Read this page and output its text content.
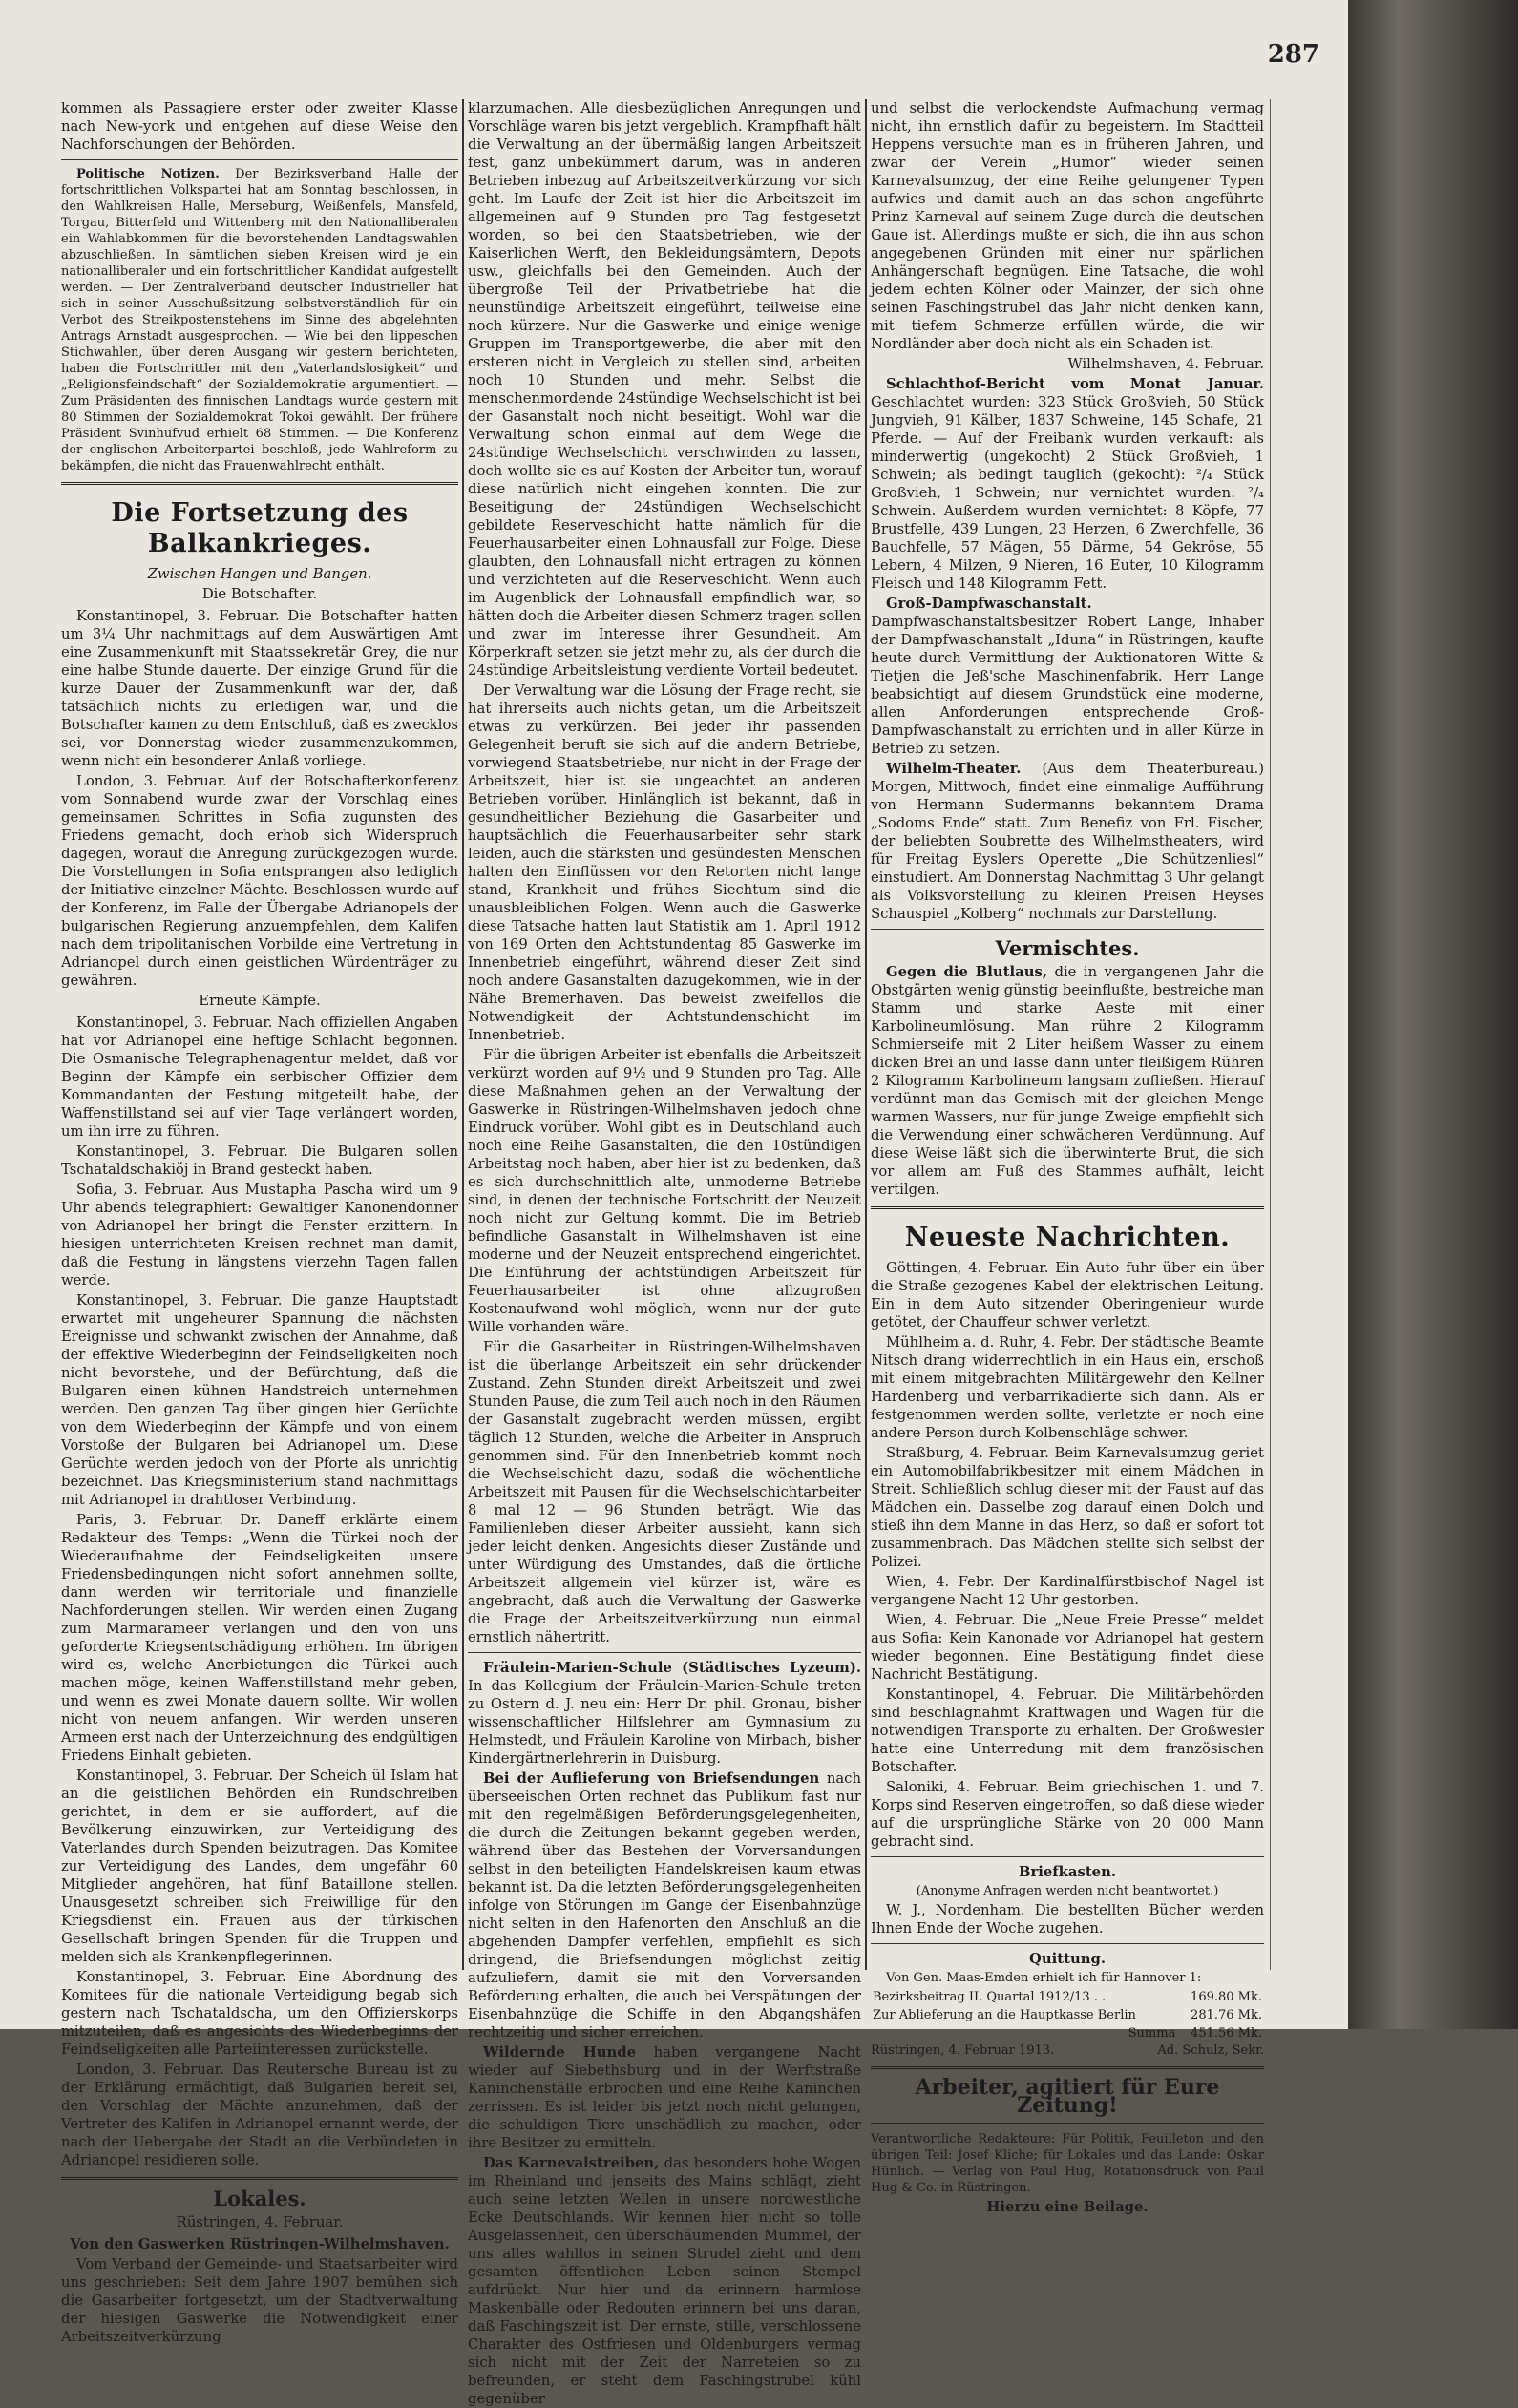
287

kommen als Passagiere erster oder zweiter Klasse nach New-york und entgehen auf diese Weise den Nachforschungen der Behörden.

Politische Notizen. Der Bezirksverband Halle der fortschrittlichen Volkspartei hat am Sonntag beschlossen, in den Wahlkreisen Halle, Merseburg, Weißenfels, Mansfeld, Torgau, Bitterfeld und Wittenberg mit den Nationalliberalen ein Wahlabkommen für die bevorstehenden Landtagswahlen abzuschließen. In sämtlichen sieben Kreisen wird je ein nationalliberaler und ein fortschrittlicher Kandidat aufgestellt werden. — Der Zentralverband deutscher Industrieller hat sich in seiner Ausschußsitzung selbstverständlich für ein Verbot des Streikpostenstehens im Sinne des abgelehnten Antrags Arnstadt ausgesprochen. — Wie bei den lippeschen Stichwahlen, über deren Ausgang wir gestern berichteten, haben die Fortschrittler mit den „Vaterlandslosigkeit“ und „Religionsfeindschaft“ der Sozialdemokratie argumentiert. — Zum Präsidenten des finnischen Landtags wurde gestern mit 80 Stimmen der Sozialdemokrat Tokoi gewählt. Der frühere Präsident Svinhufvud erhielt 68 Stimmen. — Die Konferenz der englischen Arbeiterpartei beschloß, jede Wahlreform zu bekämpfen, die nicht das Frauenwahlrecht enthält.

Die Fortsetzung des Balkankrieges.

Zwischen Hangen und Bangen.

Die Botschafter.

Konstantinopel, 3. Februar. Die Botschafter hatten um 3¼ Uhr nachmittags auf dem Auswärtigen Amt eine Zusammenkunft mit Staatssekretär Grey, die nur eine halbe Stunde dauerte. Der einzige Grund für die kurze Dauer der Zusammenkunft war der, daß tatsächlich nichts zu erledigen war, und die Botschafter kamen zu dem Entschluß, daß es zwecklos sei, vor Donnerstag wieder zusammenzukommen, wenn nicht ein besonderer Anlaß vorliege.

London, 3. Februar. Auf der Botschafterkonferenz vom Sonnabend wurde zwar der Vorschlag eines gemeinsamen Schrittes in Sofia zugunsten des Friedens gemacht, doch erhob sich Widerspruch dagegen, worauf die Anregung zurückgezogen wurde. Die Vorstellungen in Sofia entsprangen also lediglich der Initiative einzelner Mächte. Beschlossen wurde auf der Konferenz, im Falle der Übergabe Adrianopels der bulgarischen Regierung anzuempfehlen, dem Kalifen nach dem tripolitanischen Vorbilde eine Vertretung in Adrianopel durch einen geistlichen Würdenträger zu gewähren.

Erneute Kämpfe.

Konstantinopel, 3. Februar. Nach offiziellen Angaben hat vor Adrianopel eine heftige Schlacht begonnen. Die Osmanische Telegraphenagentur meldet, daß vor Beginn der Kämpfe ein serbischer Offizier dem Kommandanten der Festung mitgeteilt habe, der Waffenstillstand sei auf vier Tage verlängert worden, um ihn irre zu führen.

Konstantinopel, 3. Februar. Die Bulgaren sollen Tschataldschakiöj in Brand gesteckt haben.

Sofia, 3. Februar. Aus Mustapha Pascha wird um 9 Uhr abends telegraphiert: Gewaltiger Kanonendonner von Adrianopel her bringt die Fenster erzittern. In hiesigen unterrichteten Kreisen rechnet man damit, daß die Festung in längstens vierzehn Tagen fallen werde.

Konstantinopel, 3. Februar. Die ganze Hauptstadt erwartet mit ungeheurer Spannung die nächsten Ereignisse und schwankt zwischen der Annahme, daß der effektive Wiederbeginn der Feindseligkeiten noch nicht bevorstehe, und der Befürchtung, daß die Bulgaren einen kühnen Handstreich unternehmen werden. Den ganzen Tag über gingen hier Gerüchte von dem Wiederbeginn der Kämpfe und von einem Vorstoße der Bulgaren bei Adrianopel um. Diese Gerüchte werden jedoch von der Pforte als unrichtig bezeichnet. Das Kriegsministerium stand nachmittags mit Adrianopel in drahtloser Verbindung.

Paris, 3. Februar. Dr. Daneff erklärte einem Redakteur des Temps: „Wenn die Türkei noch der Wiederaufnahme der Feindseligkeiten unsere Friedensbedingungen nicht sofort annehmen sollte, dann werden wir territoriale und finanzielle Nachforderungen stellen. Wir werden einen Zugang zum Marmarameer verlangen und den von uns geforderte Kriegsentschädigung erhöhen. Im übrigen wird es, welche Anerbietungen die Türkei auch machen möge, keinen Waffenstillstand mehr geben, und wenn es zwei Monate dauern sollte. Wir wollen nicht von neuem anfangen. Wir werden unseren Armeen erst nach der Unterzeichnung des endgültigen Friedens Einhalt gebieten.

Konstantinopel, 3. Februar. Der Scheich ül Islam hat an die geistlichen Behörden ein Rundschreiben gerichtet, in dem er sie auffordert, auf die Bevölkerung einzuwirken, zur Verteidigung des Vaterlandes durch Spenden beizutragen. Das Komitee zur Verteidigung des Landes, dem ungefähr 60 Mitglieder angehören, hat fünf Bataillone stellen. Unausgesetzt schreiben sich Freiwillige für den Kriegsdienst ein. Frauen aus der türkischen Gesellschaft bringen Spenden für die Truppen und melden sich als Krankenpflegerinnen.

Konstantinopel, 3. Februar. Eine Abordnung des Komitees für die nationale Verteidigung begab sich gestern nach Tschataldscha, um den Offizierskorps mitzuteilen, daß es angesichts des Wiederbeginns der Feindseligkeiten alle Parteiinteressen zurückstelle.

London, 3. Februar. Das Reutersche Bureau ist zu der Erklärung ermächtigt, daß Bulgarien bereit sei, den Vorschlag der Mächte anzunehmen, daß der Vertreter des Kalifen in Adrianopel ernannt werde, der nach der Uebergabe der Stadt an die Verbündeten in Adrianopel residieren solle.

Lokales.

Rüstringen, 4. Februar.

Von den Gaswerken Rüstringen-Wilhelmshaven.

Vom Verband der Gemeinde- und Staatsarbeiter wird uns geschrieben: Seit dem Jahre 1907 bemühen sich die Gasarbeiter fortgesetzt, um der Stadtverwaltung der hiesigen Gaswerke die Notwendigkeit einer Arbeitszeitverkürzung

klarzumachen. Alle diesbezüglichen Anregungen und Vorschläge waren bis jetzt vergeblich. Krampfhaft hält die Verwaltung an der übermäßig langen Arbeitszeit fest, ganz unbekümmert darum, was in anderen Betrieben inbezug auf Arbeitszeitverkürzung vor sich geht. Im Laufe der Zeit ist hier die Arbeitszeit im allgemeinen auf 9 Stunden pro Tag festgesetzt worden, so bei den Staatsbetrieben, wie der Kaiserlichen Werft, den Bekleidungsämtern, Depots usw., gleichfalls bei den Gemeinden. Auch der übergroße Teil der Privatbetriebe hat die neunstündige Arbeitszeit eingeführt, teilweise eine noch kürzere. Nur die Gaswerke und einige wenige Gruppen im Transportgewerbe, die aber mit den ersteren nicht in Vergleich zu stellen sind, arbeiten noch 10 Stunden und mehr. Selbst die menschenmordende 24stündige Wechselschicht ist bei der Gasanstalt noch nicht beseitigt. Wohl war die Verwaltung schon einmal auf dem Wege die 24stündige Wechselschicht verschwinden zu lassen, doch wollte sie es auf Kosten der Arbeiter tun, worauf diese natürlich nicht eingehen konnten. Die zur Beseitigung der 24stündigen Wechselschicht gebildete Reserveschicht hatte nämlich für die Feuerhausarbeiter einen Lohnausfall zur Folge. Diese glaubten, den Lohnausfall nicht ertragen zu können und verzichteten auf die Reserveschicht. Wenn auch im Augenblick der Lohnausfall empfindlich war, so hätten doch die Arbeiter diesen Schmerz tragen sollen und zwar im Interesse ihrer Gesundheit. Am Körperkraft setzen sie jetzt mehr zu, als der durch die 24stündige Arbeitsleistung verdiente Vorteil bedeutet.

Der Verwaltung war die Lösung der Frage recht, sie hat ihrerseits auch nichts getan, um die Arbeitszeit etwas zu verkürzen. Bei jeder ihr passenden Gelegenheit beruft sie sich auf die andern Betriebe, vorwiegend Staatsbetriebe, nur nicht in der Frage der Arbeitszeit, hier ist sie ungeachtet an anderen Betrieben vorüber. Hinlänglich ist bekannt, daß in gesundheitlicher Beziehung die Gasarbeiter und hauptsächlich die Feuerhausarbeiter sehr stark leiden, auch die stärksten und gesündesten Menschen halten den Einflüssen vor den Retorten nicht lange stand, Krankheit und frühes Siechtum sind die unausbleiblichen Folgen. Wenn auch die Gaswerke diese Tatsache hatten laut Statistik am 1. April 1912 von 169 Orten den Achtstundentag 85 Gaswerke im Innenbetrieb eingeführt, während dieser Zeit sind noch andere Gasanstalten dazugekommen, wie in der Nähe Bremerhaven. Das beweist zweifellos die Notwendigkeit der Achtstundenschicht im Innenbetrieb.

Für die übrigen Arbeiter ist ebenfalls die Arbeitszeit verkürzt worden auf 9½ und 9 Stunden pro Tag. Alle diese Maßnahmen gehen an der Verwaltung der Gaswerke in Rüstringen-Wilhelmshaven jedoch ohne Eindruck vorüber. Wohl gibt es in Deutschland auch noch eine Reihe Gasanstalten, die den 10stündigen Arbeitstag noch haben, aber hier ist zu bedenken, daß es sich durchschnittlich alte, unmoderne Betriebe sind, in denen der technische Fortschritt der Neuzeit noch nicht zur Geltung kommt. Die im Betrieb befindliche Gasanstalt in Wilhelmshaven ist eine moderne und der Neuzeit entsprechend eingerichtet. Die Einführung der achtstündigen Arbeitszeit für Feuerhausarbeiter ist ohne allzugroßen Kostenaufwand wohl möglich, wenn nur der gute Wille vorhanden wäre.

Für die Gasarbeiter in Rüstringen-Wilhelmshaven ist die überlange Arbeitszeit ein sehr drückender Zustand. Zehn Stunden direkt Arbeitszeit und zwei Stunden Pause, die zum Teil auch noch in den Räumen der Gasanstalt zugebracht werden müssen, ergibt täglich 12 Stunden, welche die Arbeiter in Anspruch genommen sind. Für den Innenbetrieb kommt noch die Wechselschicht dazu, sodaß die wöchentliche Arbeitszeit mit Pausen für die Wechselschichtarbeiter 8 mal 12 — 96 Stunden beträgt. Wie das Familienleben dieser Arbeiter aussieht, kann sich jeder leicht denken. Angesichts dieser Zustände und unter Würdigung des Umstandes, daß die örtliche Arbeitszeit allgemein viel kürzer ist, wäre es angebracht, daß auch die Verwaltung der Gaswerke die Frage der Arbeitszeitverkürzung nun einmal ernstlich nähertritt.

Fräulein-Marien-Schule (Städtisches Lyzeum). In das Kollegium der Fräulein-Marien-Schule treten zu Ostern d. J. neu ein: Herr Dr. phil. Gronau, bisher wissenschaftlicher Hilfslehrer am Gymnasium zu Helmstedt, und Fräulein Karoline von Mirbach, bisher Kindergärtnerlehrerin in Duisburg.

Bei der Auflieferung von Briefsendungen nach überseeischen Orten rechnet das Publikum fast nur mit den regelmäßigen Beförderungsgelegenheiten, die durch die Zeitungen bekannt gegeben werden, während über das Bestehen der Vorversandungen selbst in den beteiligten Handelskreisen kaum etwas bekannt ist. Da die letzten Beförderungsgelegenheiten infolge von Störungen im Gange der Eisenbahnzüge nicht selten in den Hafenorten den Anschluß an die abgehenden Dampfer verfehlen, empfiehlt es sich dringend, die Briefsendungen möglichst zeitig aufzuliefern, damit sie mit den Vorversanden Beförderung erhalten, die auch bei Verspätungen der Eisenbahnzüge die Schiffe in den Abgangshäfen rechtzeitig und sicher erreichen.

Wildernde Hunde haben vergangene Nacht wieder auf Siebethsburg und in der Werftstraße Kaninchenställe erbrochen und eine Reihe Kaninchen zerrissen. Es ist leider bis jetzt noch nicht gelungen, die schuldigen Tiere unschädlich zu machen, oder ihre Besitzer zu ermitteln.

Das Karnevalstreiben, das besonders hohe Wogen im Rheinland und jenseits des Mains schlägt, zieht auch seine letzten Wellen in unsere nordwestliche Ecke Deutschlands. Wir kennen hier nicht so tolle Ausgelassenheit, den überschäumenden Mummel, der uns alles wahllos in seinen Strudel zieht und dem gesamten öffentlichen Leben seinen Stempel aufdrückt. Nur hier und da erinnern harmlose Maskenbälle oder Redouten erinnern bei uns daran, daß Faschingszeit ist. Der ernste, stille, verschlossene Charakter des Ostfriesen und Oldenburgers vermag sich nicht mit der Zeit der Narreteien so zu befreunden, er steht dem Faschingstrubel kühl gegenüber

und selbst die verlockendste Aufmachung vermag nicht, ihn ernstlich dafür zu begeistern. Im Stadtteil Heppens versuchte man es in früheren Jahren, und zwar der Verein „Humor“ wieder seinen Karnevalsumzug, der eine Reihe gelungener Typen aufwies und damit auch an das schon angeführte Prinz Karneval auf seinem Zuge durch die deutschen Gaue ist. Allerdings mußte er sich, die ihn aus schon angegebenen Gründen mit einer nur spärlichen Anhängerschaft begnügen. Eine Tatsache, die wohl jedem echten Kölner oder Mainzer, der sich ohne seinen Faschingstrubel das Jahr nicht denken kann, mit tiefem Schmerze erfüllen würde, die wir Nordländer aber doch nicht als ein Schaden ist.

Wilhelmshaven, 4. Februar.

Schlachthof-Bericht vom Monat Januar. Geschlachtet wurden: 323 Stück Großvieh, 50 Stück Jungvieh, 91 Kälber, 1837 Schweine, 145 Schafe, 21 Pferde. — Auf der Freibank wurden verkauft: als minderwertig (ungekocht) 2 Stück Großvieh, 1 Schwein; als bedingt tauglich (gekocht): ²/₄ Stück Großvieh, 1 Schwein; nur vernichtet wurden: ²/₄ Schwein. Außerdem wurden vernichtet: 8 Köpfe, 77 Brustfelle, 439 Lungen, 23 Herzen, 6 Zwerchfelle, 36 Bauchfelle, 57 Mägen, 55 Därme, 54 Gekröse, 55 Lebern, 4 Milzen, 9 Nieren, 16 Euter, 10 Kilogramm Fleisch und 148 Kilogramm Fett.

Groß-Dampfwaschanstalt. Dampfwaschanstaltsbesitzer Robert Lange, Inhaber der Dampfwaschanstalt „Iduna“ in Rüstringen, kaufte heute durch Vermittlung der Auktionatoren Witte & Tietjen die Jeß'sche Maschinenfabrik. Herr Lange beabsichtigt auf diesem Grundstück eine moderne, allen Anforderungen entsprechende Groß-Dampfwaschanstalt zu errichten und in aller Kürze in Betrieb zu setzen.

Wilhelm-Theater. (Aus dem Theaterbureau.) Morgen, Mittwoch, findet eine einmalige Aufführung von Hermann Sudermanns bekanntem Drama „Sodoms Ende“ statt. Zum Benefiz von Frl. Fischer, der beliebten Soubrette des Wilhelmstheaters, wird für Freitag Eyslers Operette „Die Schützenliesl“ einstudiert. Am Donnerstag Nachmittag 3 Uhr gelangt als Volksvorstellung zu kleinen Preisen Heyses Schauspiel „Kolberg“ nochmals zur Darstellung.

Vermischtes.

Gegen die Blutlaus, die in vergangenen Jahr die Obstgärten wenig günstig beeinflußte, bestreiche man Stamm und starke Aeste mit einer Karbolineumlösung. Man rühre 2 Kilogramm Schmierseife mit 2 Liter heißem Wasser zu einem dicken Brei an und lasse dann unter fleißigem Rühren 2 Kilogramm Karbolineum langsam zufließen. Hierauf verdünnt man das Gemisch mit der gleichen Menge warmen Wassers, nur für junge Zweige empfiehlt sich die Verwendung einer schwächeren Verdünnung. Auf diese Weise läßt sich die überwinterte Brut, die sich vor allem am Fuß des Stammes aufhält, leicht vertilgen.

Neueste Nachrichten.

Göttingen, 4. Februar. Ein Auto fuhr über ein über die Straße gezogenes Kabel der elektrischen Leitung. Ein in dem Auto sitzender Oberingenieur wurde getötet, der Chauffeur schwer verletzt.

Mühlheim a. d. Ruhr, 4. Febr. Der städtische Beamte Nitsch drang widerrechtlich in ein Haus ein, erschoß mit einem mitgebrachten Militärgewehr den Kellner Hardenberg und verbarrikadierte sich dann. Als er festgenommen werden sollte, verletzte er noch eine andere Person durch Kolbenschläge schwer.

Straßburg, 4. Februar. Beim Karnevalsumzug geriet ein Automobilfabrikbesitzer mit einem Mädchen in Streit. Schließlich schlug dieser mit der Faust auf das Mädchen ein. Dasselbe zog darauf einen Dolch und stieß ihn dem Manne in das Herz, so daß er sofort tot zusammenbrach. Das Mädchen stellte sich selbst der Polizei.

Wien, 4. Febr. Der Kardinalfürstbischof Nagel ist vergangene Nacht 12 Uhr gestorben.

Wien, 4. Februar. Die „Neue Freie Presse“ meldet aus Sofia: Kein Kanonade vor Adrianopel hat gestern wieder begonnen. Eine Bestätigung findet diese Nachricht Bestätigung.

Konstantinopel, 4. Februar. Die Militärbehörden sind beschlagnahmt Kraftwagen und Wagen für die notwendigen Transporte zu erhalten. Der Großwesier hatte eine Unterredung mit dem französischen Botschafter.

Saloniki, 4. Februar. Beim griechischen 1. und 7. Korps sind Reserven eingetroffen, so daß diese wieder auf die ursprüngliche Stärke von 20 000 Mann gebracht sind.

Briefkasten.

(Anonyme Anfragen werden nicht beantwortet.)

W. J., Nordenham. Die bestellten Bücher werden Ihnen Ende der Woche zugehen.

Quittung.

Von Gen. Maas-Emden erhielt ich für Hannover 1:

Bezirksbeitrag II. Quartal 1912/13 . .	169.80 Mk.
Zur Ablieferung an die Hauptkasse Berlin	281.76 Mk.
Summa	451.56 Mk.

Rüstringen, 4. Februar 1913.	Ad. Schulz, Sekr.

Arbeiter, agitiert für Eure Zeitung!

Verantwortliche Redakteure: Für Politik, Feuilleton und den übrigen Teil: Josef Kliche; für Lokales und das Lande: Oskar Hünlich. — Verlag von Paul Hug, Rotationsdruck von Paul Hug & Co. in Rüstringen.

Hierzu eine Beilage.
